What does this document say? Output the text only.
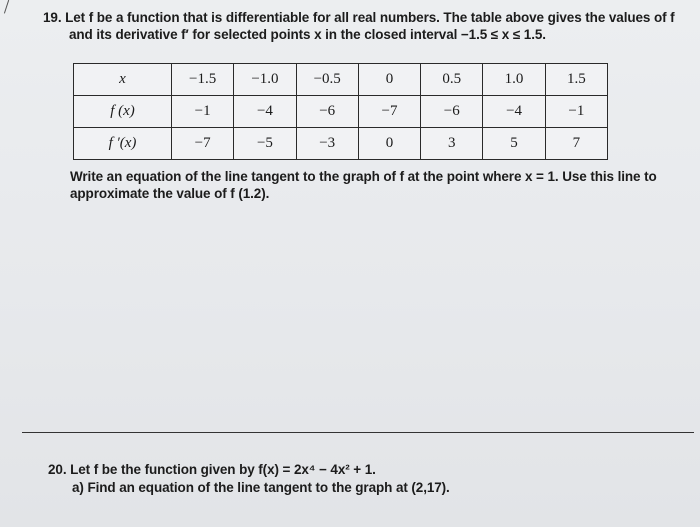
19. Let f be a function that is differentiable for all real numbers. The table above gives the values of f
and its derivative f′ for selected points x in the closed interval −1.5 ≤ x ≤ 1.5.
x	−1.5	−1.0	−0.5	0	0.5	1.0	1.5
f (x)	−1	−4	−6	−7	−6	−4	−1
f ′(x)	−7	−5	−3	0	3	5	7
Write an equation of the line tangent to the graph of f at the point where x = 1. Use this line to approximate the value of f (1.2).
20. Let f be the function given by f(x) = 2x⁴ − 4x² + 1.
a) Find an equation of the line tangent to the graph at (2,17).
